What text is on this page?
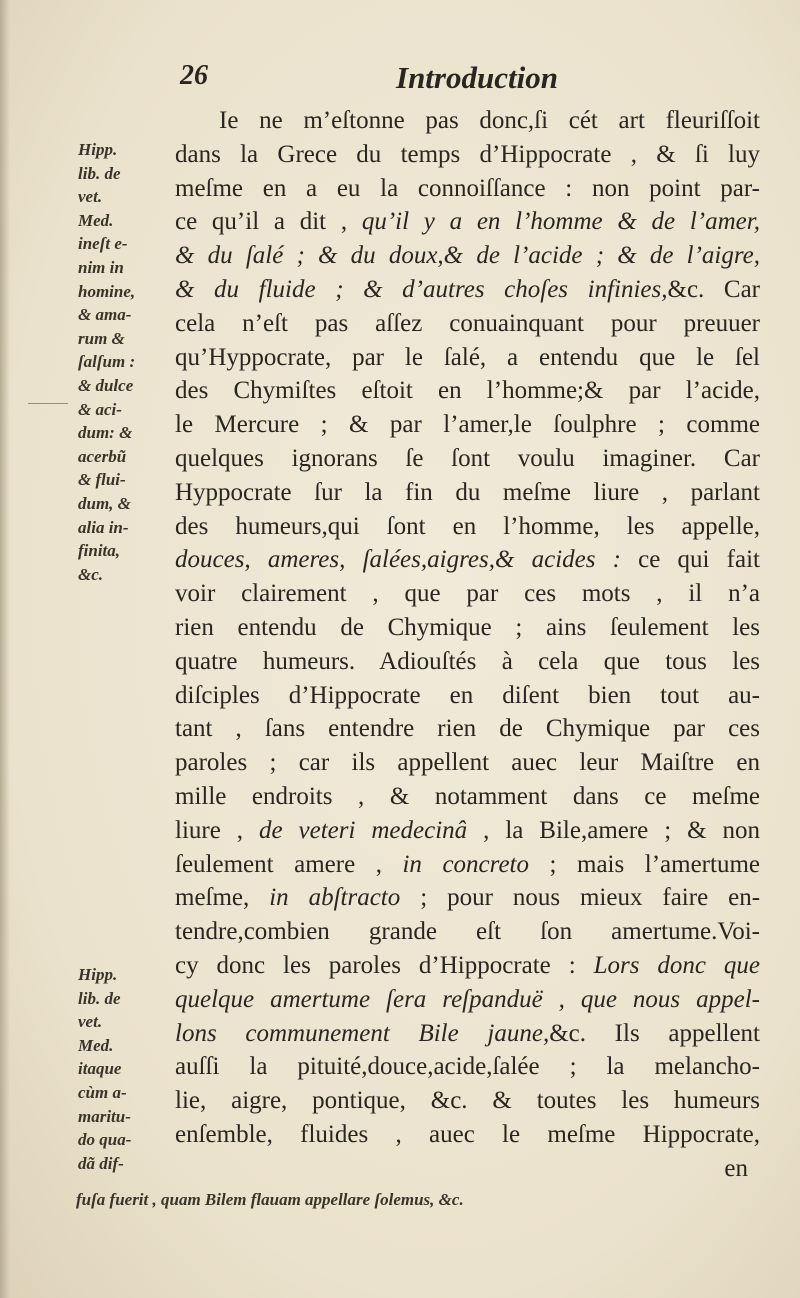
26	Introduction
Hipp.
lib. de
vet.
Med.
ineſt e-
nim in
homine,
& ama-
rum &
ſalſum :
& dulce
& aci-
dum: &
acerbũ
& flui-
dum, &
alia in-
finita,
&c.
Hipp.
lib. de
vet.
Med.
itaque
cùm a-
maritu-
do qua-
dã dif-
Ie ne m’eſtonne pas donc,ſi cét art fleuriſſoit
dans la Grece du temps d’Hippocrate , & ſi luy
meſme en a eu la connoiſſance : non point par-
ce qu’il a dit , qu’il y a en l’homme & de l’amer,
& du ſalé ; & du doux,& de l’acide ; & de l’aigre,
& du fluide ; & d’autres choſes infinies,&c. Car
cela n’eſt pas aſſez conuainquant pour preuuer
qu’Hyppocrate, par le ſalé, a entendu que le ſel
des Chymiſtes eſtoit en l’homme;& par l’acide,
le Mercure ; & par l’amer,le ſoulphre ; comme
quelques ignorans ſe ſont voulu imaginer. Car
Hyppocrate ſur la fin du meſme liure , parlant
des humeurs,qui ſont en l’homme, les appelle,
douces, ameres, ſalées,aigres,& acides : ce qui fait
voir clairement , que par ces mots , il n’a
rien entendu de Chymique ; ains ſeulement les
quatre humeurs. Adiouſtés à cela que tous les
diſciples d’Hippocrate en diſent bien tout au-
tant , ſans entendre rien de Chymique par ces
paroles ; car ils appellent auec leur Maiſtre en
mille endroits , & notamment dans ce meſme
liure , de veteri medecinâ , la Bile,amere ; & non
ſeulement amere , in concreto ; mais l’amertume
meſme, in abſtracto ; pour nous mieux faire en-
tendre,combien grande eſt ſon amertume.Voi-
cy donc les paroles d’Hippocrate : Lors donc que
quelque amertume ſera reſpanduë , que nous appel-
lons communement Bile jaune,&c. Ils appellent
auſſi la pituité,douce,acide,ſalée ; la melancho-
lie, aigre, pontique, &c. & toutes les humeurs
enſemble, fluides , auec le meſme Hippocrate,
en
fuſa fuerit , quam Bilem flauam appellare ſolemus, &c.
